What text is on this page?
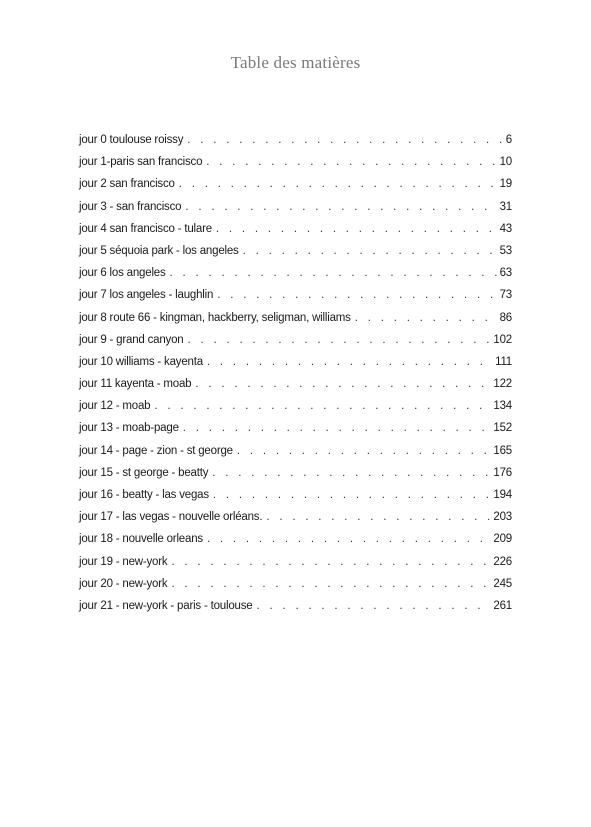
Table des matières
jour 0 toulouse roissy . . .	6
jour 1-paris san francisco . . .	10
jour 2 san francisco . . .	19
jour 3 - san francisco . . .	31
jour 4 san francisco - tulare . . .	43
jour 5 séquoia park - los angeles . . .	53
jour 6 los angeles . . .	63
jour 7 los angeles - laughlin . . .	73
jour 8 route 66 - kingman, hackberry, seligman, williams . . .	86
jour 9 - grand canyon . . .	102
jour 10 williams - kayenta . . .	111
jour 11 kayenta - moab . . .	122
jour 12 - moab . . .	134
jour 13 - moab-page . . .	152
jour 14 - page - zion - st george . . .	165
jour 15 - st george - beatty . . .	176
jour 16 - beatty - las vegas . . .	194
jour 17 - las vegas - nouvelle orléans. . . .	203
jour 18 - nouvelle orleans . . .	209
jour 19 - new-york . . .	226
jour 20 - new-york . . .	245
jour 21 - new-york - paris - toulouse . . .	261
